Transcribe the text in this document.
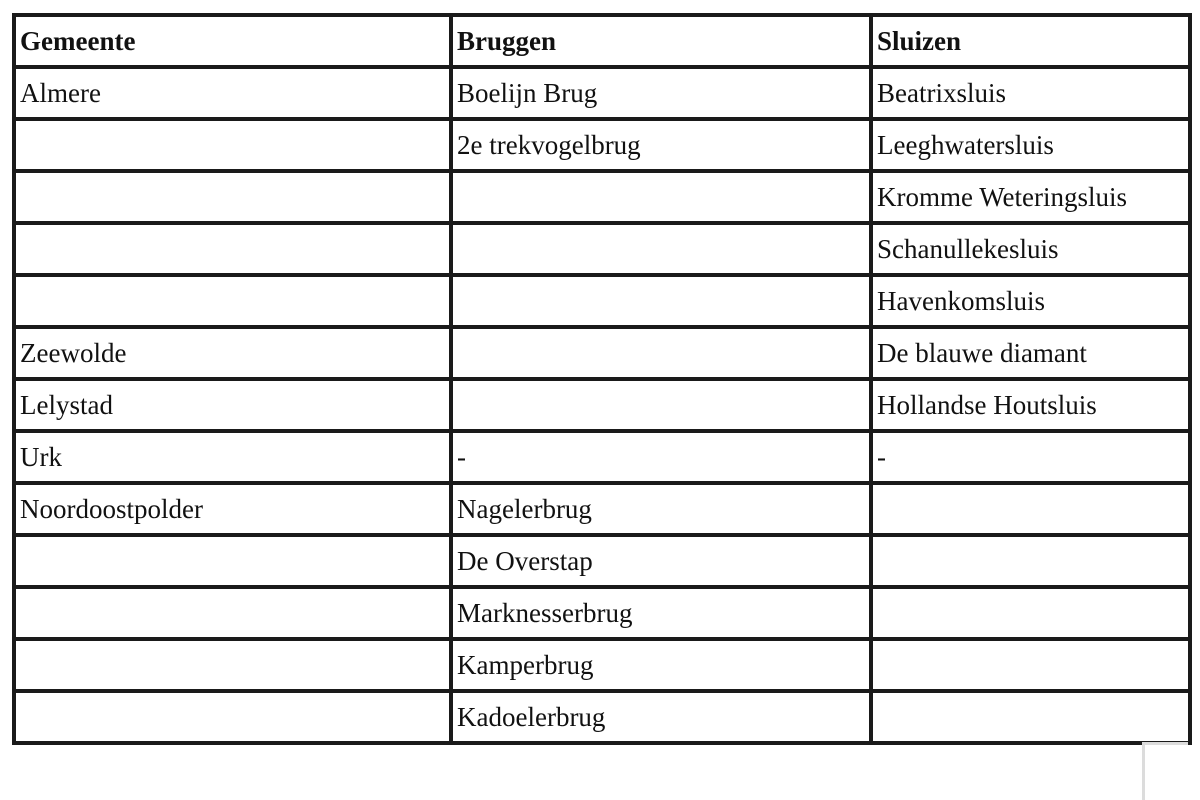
Gemeente	Bruggen	Sluizen
Almere	Boelijn Brug	Beatrixsluis
	2e trekvogelbrug	Leeghwatersluis
		Kromme Weteringsluis
		Schanullekesluis
		Havenkomsluis
Zeewolde		De blauwe diamant
Lelystad		Hollandse Houtsluis
Urk	-	-
Noordoostpolder	Nagelerbrug	
	De Overstap	
	Marknesserbrug	
	Kamperbrug	
	Kadoelerbrug	
